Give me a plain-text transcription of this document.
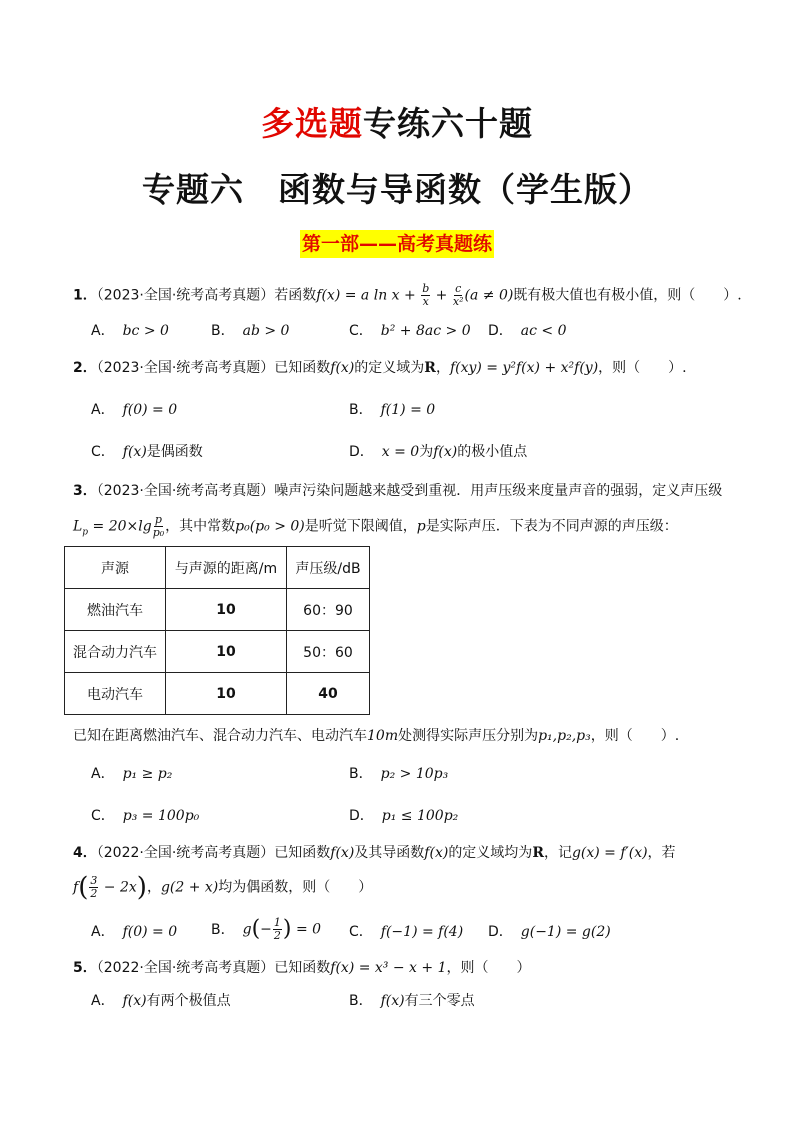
多选题专练六十题
专题六　函数与导函数（学生版）
第一部——高考真题练
1．（2023·全国·统考高考真题）若函数f(x) = a $\ln x + \frac{b}{x} + \frac{c}{\text{x²}} (a \ne 0)$既有极大值也有极小值，则（　　）.
A． bc > 0	B． ab > 0	C． b² + 8ac > 0 D． ac < 0
2．（2023·全国·统考高考真题）已知函数f(x)的定义域为R，f(xy) = y²f(x) + x²f(y)，则（　　）.
A． f(0) = 0	B． f(1) = 0
C． f(x)是偶函数	D． x = 0为f(x)的极小值点
3．（2023·全国·统考高考真题）噪声污染问题越来越受到重视．用声压级来度量声音的强弱，定义声压级
$L_p = 20\times\lg \frac{p}{\text{p₀}}$ ，其中常数p₀(p₀ > 0)是听觉下限阈值，p是实际声压．下表为不同声源的声压级：
声源	与声源的距离/m	声压级/dB
燃油汽车	10	60：90
混合动力汽车	10	50：60
电动汽车	10	40
已知在距离燃油汽车、混合动力汽车、电动汽车10m处测得实际声压分别为p₁,p₂,p₃，则（　　）.
A． p₁ ≥ p₂	B． p₂ > 10p₃
C． p₃ = 100p₀	D． p₁ ≤ 100p₂
4．（2022·全国·统考高考真题）已知函数f(x)及其导函数f(x)的定义域均为R，记g(x) = f′(x)，若
$f( \frac{3}{2} - 2x)$，g(2 + x)均为偶函数，则（　　）
A． f(0) = 0 B． $g(- \frac{1}{2}$ ) = 0 C． f(−1) = f(4) D． g(−1) = g(2)
5．（2022·全国·统考高考真题）已知函数f(x) = x³ − x + 1，则（　　）
A． f(x)有两个极值点	B． f(x)有三个零点
